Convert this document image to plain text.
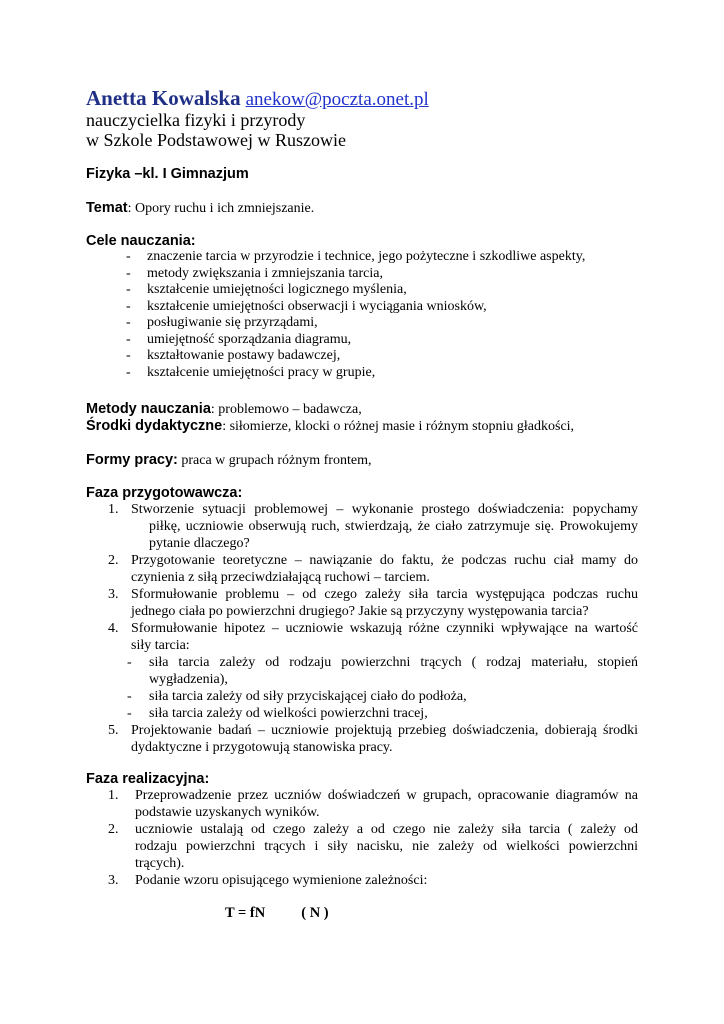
Anetta Kowalska anekow@poczta.onet.pl
nauczycielka fizyki i przyrody
w Szkole Podstawowej w Ruszowie
Fizyka –kl. I Gimnazjum
Temat: Opory ruchu i ich zmniejszanie.
Cele nauczania:
- znaczenie tarcia w przyrodzie i technice, jego pożyteczne i szkodliwe aspekty,
- metody zwiększania i zmniejszania tarcia,
- kształcenie umiejętności logicznego myślenia,
- kształcenie umiejętności obserwacji i wyciągania wniosków,
- posługiwanie się przyrządami,
- umiejętność sporządzania diagramu,
- kształtowanie postawy badawczej,
- kształcenie umiejętności pracy w grupie,
Metody nauczania: problemowo – badawcza,
Środki dydaktyczne: siłomierze, klocki o różnej masie i różnym stopniu gładkości,
Formy pracy: praca w grupach różnym frontem,
Faza przygotowawcza:
1. Stworzenie sytuacji problemowej – wykonanie prostego doświadczenia: popychamy
piłkę, uczniowie obserwują ruch, stwierdzają, że ciało zatrzymuje się. Prowokujemy
pytanie dlaczego?
2. Przygotowanie teoretyczne – nawiązanie do faktu, że podczas ruchu ciał mamy do
czynienia z siłą przeciwdziałającą ruchowi – tarciem.
3. Sformułowanie problemu – od czego zależy siła tarcia występująca podczas ruchu
jednego ciała po powierzchni drugiego? Jakie są przyczyny występowania tarcia?
4. Sformułowanie hipotez – uczniowie wskazują różne czynniki wpływające na wartość
siły tarcia:
- siła tarcia zależy od rodzaju powierzchni trących ( rodzaj materiału, stopień
wygładzenia),
- siła tarcia zależy od siły przyciskającej ciało do podłoża,
- siła tarcia zależy od wielkości powierzchni tracej,
5. Projektowanie badań – uczniowie projektują przebieg doświadczenia, dobierają środki
dydaktyczne i przygotowują stanowiska pracy.
Faza realizacyjna:
1. Przeprowadzenie przez uczniów doświadczeń w grupach, opracowanie diagramów na
podstawie uzyskanych wyników.
2. uczniowie ustalają od czego zależy a od czego nie zależy siła tarcia ( zależy od
rodzaju powierzchni trących i siły nacisku, nie zależy od wielkości powierzchni
trących).
3. Podanie wzoru opisującego wymienione zależności:
T = fN ( N )
